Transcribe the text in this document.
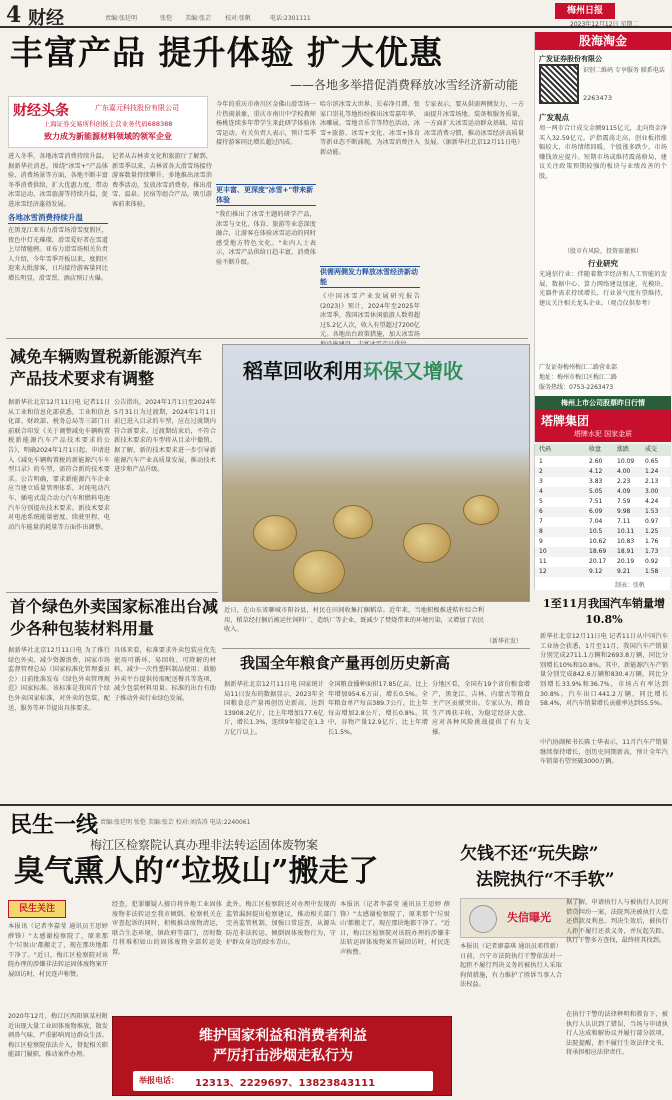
4 财经	责编:张廷明	张恺 美编:张芸 校对:张帆	电话:2301111
梅州日报
2023年12月12日 星期二
丰富产品 提升体验 扩大优惠
——各地多举措促消费释放冰雪经济新动能
财经头条	广东嘉元科技股份有限公司
上海证券交易所科创板主营业务代码688388
致力成为新能源材料领域的领军企业
进入冬季，各地冰雪消费持续升温。据新华社消息，围绕"冰雪+"产品体验、消费场景等方面，各地不断丰富冬季消费供给，扩大优惠力度，带动冰雪运动、冰雪旅游等持续升温，促进冰雪经济蓬勃发展。
各地冰雪消费持续升温
在黑龙江亚布力滑雪场滑雪度假区，夜色中灯光璀璨，滑雪爱好者在雪道上尽情驰骋。亚布力滑雪场相关负责人介绍，今年雪季开板以来，度假区迎来大批游客，日均接待游客量同比增长明显，滑雪票、酒店预订火爆。
记者从吉林省文化和旅游厅了解到，新雪季以来，吉林省各大滑雪场接待游客数量持续攀升。多地推出冰雪消费季活动，发放冰雪消费券，推出滑雪、温泉、民宿等组合产品，吸引游客前来体验。
今年的重庆市南川区金佛山滑雪场一片热闹景象，重庆市南川中学校教师杨桃连续多年带学生来此研学体验冰雪运动。有关负责人表示，预计雪季接待游客同比增长超过四成。
更丰富、更深度"冰雪+"带来新体验
"我们推出了冰雪主题的研学产品，冰雪与文化、体育、旅游等业态深度融合，让游客在体验冰雪运动的同时感受地方特色文化。"业内人士表示，冰雪产品供给日趋丰富，消费体验不断升级。
哈尔滨冰雪大世界、长春净月潭、张家口崇礼等地纷纷推出冰雪嘉年华、冰雕展、雪地音乐节等特色活动，冰雪+旅游、冰雪+文化、冰雪+体育等新业态不断涌现，为冰雪消费注入新动能。
供需两侧发力释放冰雪经济新动能
《中国冰雪产业发展研究报告(2023)》预计，2024年至2025年冰雪季，我国冰雪休闲旅游人数将超过5.2亿人次，收入有望超过7200亿元。各地出台政策措施，加大冰雪场
专家表示，要从供需两侧发力，一方面提升冰雪场地、装备和服务质量，一方面扩大冰雪运动群众基础，培育冰雪消费习惯，推动冰雪经济高质量发展。（据新华社北京12月11日电）
股海淘金
广发证券股份有限公
识别二维码 专享服务 联系电话
2263473
广发观点
周一两市合计成交金额9115亿元，北向资金净买入32.59亿元。沪指震荡走高，创业板指涨幅较大，市场情绪回暖，个股涨多跌少，市场赚钱效应提升。短期市场或维持震荡格局，建议关注政策预期较强的板块与业绩改善的个股。
（股市有风险，投资需谨慎）
行业研究
光通信行业：伴随着数字经济和人工智能的发展，数据中心、算力网络建设加速，光模块、光器件需求持续增长，行业景气度有望维持，建议关注相关龙头企业。（观点仅供参考）
广发证券梅州梅江二路营业部
地址：梅州市梅江区梅江二路
服务热线：0753-2263473
梅州上市公司股票昨日行情
塔牌集团
塔牌水泥 国家金质
代码	收盘	涨跌	成交
1	2.60 10.09 0.65
2	4.12 4.00 1.24
3	3.83 2.23 2.13
4	5.05 4.09 3.00
5	7.51 7.59 4.24
6	6.09 9.98 1.53
7	7.04 7.11 0.97
8	10.5 10.11 1.25
9	10.62 10.83 1.76
10	18.69 18.91 1.73
11	20.17 20.19 0.92
12	9.12 9.21 1.58
制表：张帆
减免车辆购置税新能源汽车产品技术要求有调整
据新华社北京12月11日电 记者11日从工业和信息化部获悉，工业和信息化部、财政部、税务总局等三部门日前联合印发《关于调整减免车辆购置税新能源汽车产品技术要求的公告》，明确2024年1月1日起，申请进入《减免车辆购置税的新能源汽车车型目录》的车型，需符合新的技术要求。公告明确，要求新能源汽车企业应当建立质量管理体系，对纯电动汽车、插电式混合动力汽车和燃料电池汽车分别提出技术要求。新技术要求对电池系统能量密度、续驶里程、电动汽车能量消耗量等方面作出调整。
公告指出，2024年1月1日至2024年5月31日为过渡期，2024年1月1日前已进入目录的车型，应在过渡期内符合新要求。过渡期结束后，不符合新技术要求的车型将从目录中撤销。据了解，新的技术要求进一步引导新能源汽车产业高质量发展，推动技术进步和产品升级。
首个绿色外卖国家标准出台减少各种包装材料用量
据新华社北京12月11日电 为了推行绿色外卖、减少资源浪费，国家市场监督管理总局（国家标准化管理委员会）日前批准发布《绿色外卖管理规范》国家标准。该标准是我国首个绿色外卖国家标准，对外卖的包装、配送、服务等环节提出具体要求。
具体来看，标准要求外卖包装应优先使用可循环、易回收、可降解的材料，减少一次性塑料制品使用；鼓励外卖平台提供按需配送餐具等选项，减少包装材料用量。标准的出台有助于推动外卖行业绿色发展。
稻草回收利用 环保又增收
近日，在山东省聊城市阳谷县，村民在田间收集打捆稻草。近年来，当地积极推进秸秆综合利用，稻草经打捆后被运往饲料厂、造纸厂等企业，既减少了焚烧带来的环境污染，又增加了农民收入。
（新华社发）
我国全年粮食产量再创历史新高
据新华社北京12月11日电 国家统计局11日发布的数据显示，2023年全国粮食总产量再创历史新高，达到13908.2亿斤，比上年增加177.6亿斤，增长1.3%，连续9年稳定在1.3万亿斤以上。
全国粮食播种面积17.85亿亩，比上年增加954.6万亩，增长0.5%。全年粮食单产每亩389.7公斤，比上年每亩增加2.8公斤，增长0.8%。其中，谷物产量12.9亿斤，比上年增长1.5%。
分地区看，全国有19个省份粮食增产，黑龙江、吉林、内蒙古等粮食主产区贡献突出。专家认为，粮食生产再获丰收，为稳定经济大盘、应对各种风险挑战提供了有力支撑。
1至11月我国汽车销量增10.8%
新华社北京12月11日电 记者11日从中国汽车工业协会获悉，1月至11月，我国汽车产销量分别完成2711.1万辆和2693.8万辆，同比分别增长10%和10.8%。其中，新能源汽车产销量分别完成842.6万辆和830.4万辆，同比分别增长33.9%和36.7%，市场占有率达到30.8%。汽车出口441.2万辆，同比增长58.4%，对汽车销量增长贡献率达到55.5%。
中汽协副秘书长陈士华表示，11月汽车产销量继续保持增长，创历史同期新高，预计全年汽车销量有望突破3000万辆。
民生一线 责编:张廷明 张恺 美编:张芸 校对:刘浩涛 电话:2240061
梅江区检察院认真办理非法转运固体废物案
臭气熏人的“垃圾山”搬走了
民生关注
本报讯（记者李嘉莹 通讯员王思婷 薛锋）"太感谢检察院了，原来那个'垃圾山'都搬走了，现在那块地都干净了。"近日，梅江区检察院对该院办理的涉嫌非法转运固体废物案开展回访时，村民连声称赞。
2020年12月，梅江区西阳镇某村附近出现大量工业固体废物堆放，散发刺鼻气味，严重影响周边群众生活。梅江区检察院依法介入，督促相关职能部门履职，推动案件办理。
经查，犯罪嫌疑人擅自将外地工业固体废物非法转运至我市倾倒。检察机关在审查起诉的同时，积极推动废物清运，联合生态环境、镇政府等部门，历时数月将堆积如山的固体废物全部转运处置。
此外，梅江区检察院还对办理中发现的监管漏洞提出检察建议，推动相关部门完善监管机制，加强日常巡查，从源头防范非法转运、倾倒固体废物行为，守护群众身边的绿水青山。
本报讯（记者李嘉莹 通讯员王思婷 薛锋）"太感谢检察院了，原来那个'垃圾山'都搬走了，现在那块地都干净了。"近日，梅江区检察院对该院办理的涉嫌非法转运固体废物案开展回访时，村民连声称赞。
维护国家利益和消费者利益
严厉打击涉烟走私行为
举报电话： 12313、2229697、13823843111
欠钱不还“玩失踪”
法院执行“不手软”
失信曝光
本报讯（记者廖嘉琪 通讯员邓伟新）日前，兴宁市法院执行干警依法对一起拒不履行判决义务的被执行人采取拘留措施，有力维护了胜诉当事人合法权益。
据了解，申请执行人与被执行人民间借贷纠纷一案，法院判决被执行人偿还借款及利息。判决生效后，被执行人拒不履行还款义务，并玩起失踪。执行干警多方查找，最终将其找到。
在执行干警的法律释明和教育下，被执行人认识到了错误，当场与申请执行人达成和解协议并履行部分款项。法院提醒，拒不履行生效法律文书，将承担相应法律责任。
